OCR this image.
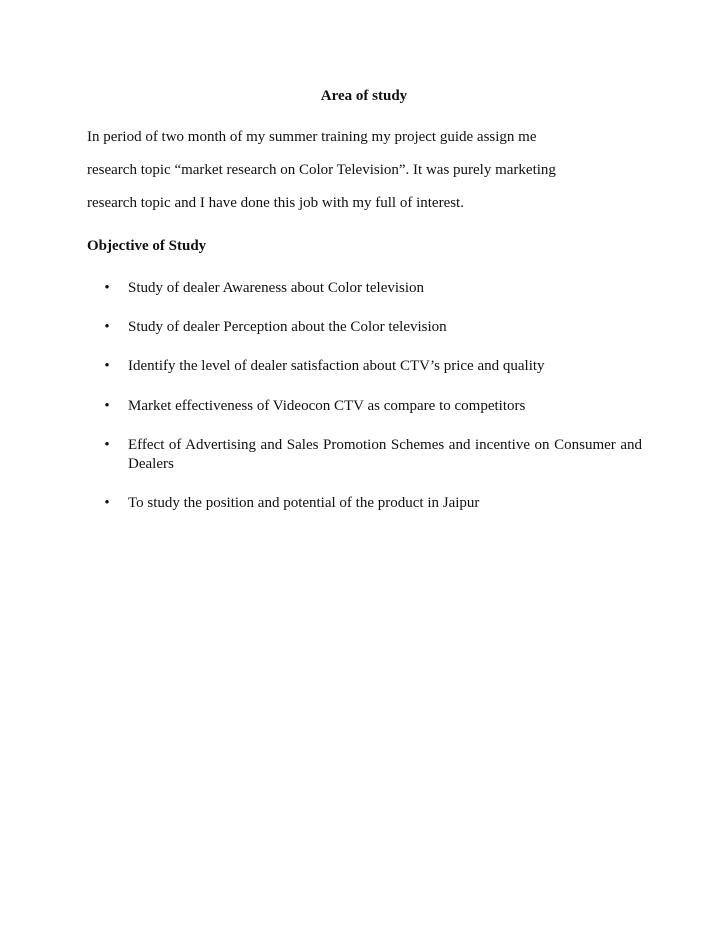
Area of study

In period of two month of my summer training my project guide assign me
research topic “market research on Color Television”. It was purely marketing
research topic and I have done this job with my full of interest.

Objective of Study
• Study of dealer Awareness about Color television
• Study of dealer Perception about the Color television
• Identify the level of dealer satisfaction about CTV’s price and quality
• Market effectiveness of Videocon CTV as compare to competitors
• Effect of Advertising and Sales Promotion Schemes and incentive on Consumer and Dealers
• To study the position and potential of the product in Jaipur
